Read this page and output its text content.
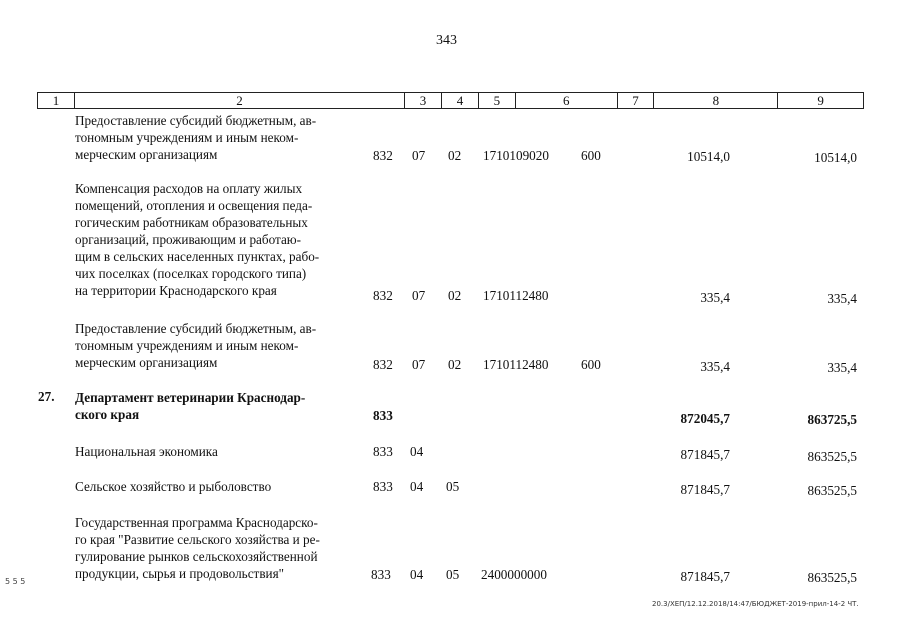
343
1	2	3	4	5	6	7	8	9
Предоставление субсидий бюджетным, ав-
тономным учреждениям и иным неком-
мерческим организациям	832 07 02 1710109020 600	10514,0	10514,0
Компенсация расходов на оплату жилых
помещений, отопления и освещения педа-
гогическим работникам образовательных
организаций, проживающим и работаю-
щим в сельских населенных пунктах, рабо-
чих поселках (поселках городского типа)
на территории Краснодарского края	832 07 02 1710112480	335,4	335,4
Предоставление субсидий бюджетным, ав-
тономным учреждениям и иным неком-
мерческим организациям	832 07 02 1710112480 600	335,4	335,4
27. Департамент ветеринарии Краснодар-
ского края	833	872045,7	863725,5
Национальная экономика	833 04	871845,7	863525,5
Сельское хозяйство и рыболовство	833 04 05	871845,7	863525,5
Государственная программа Краснодарско-
го края "Развитие сельского хозяйства и ре-
гулирование рынков сельскохозяйственной
продукции, сырья и продовольствия"	833 04 05 2400000000	871845,7	863525,5
20.3/ХЕП/12.12.2018/14:47/БЮДЖЕТ-2019-прил-14-2 ЧТ.
5 5 5
